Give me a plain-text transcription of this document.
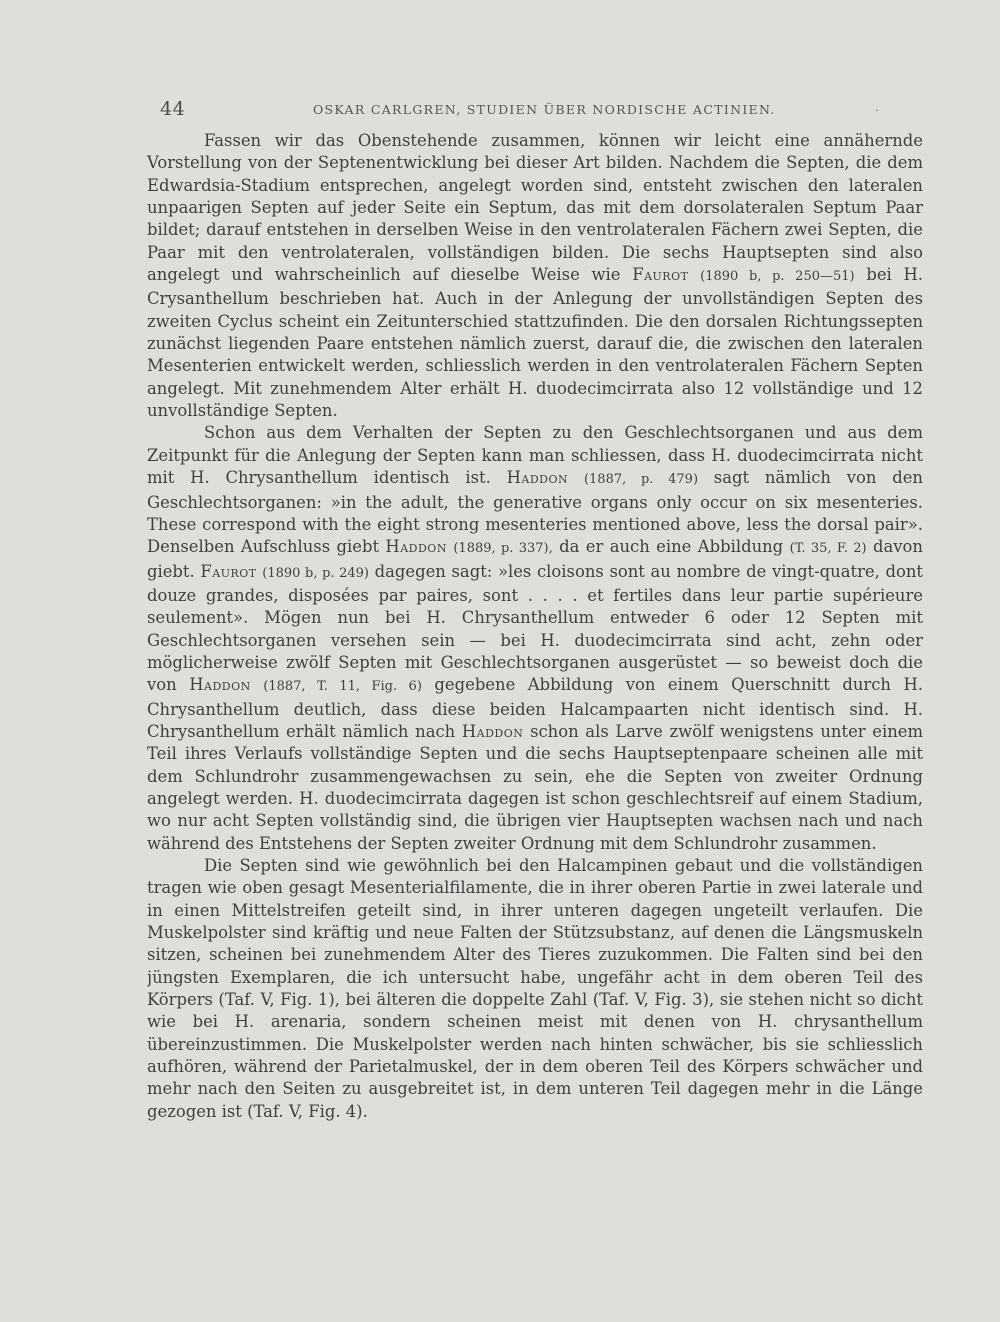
44	OSKAR CARLGREN, STUDIEN ÜBER NORDISCHE ACTINIEN.	.

Fassen wir das Obenstehende zusammen, können wir leicht eine annähernde Vorstellung von der Septenentwicklung bei dieser Art bilden. Nachdem die Septen, die dem Edwardsia-Stadium entsprechen, angelegt worden sind, entsteht zwischen den lateralen unpaarigen Septen auf jeder Seite ein Septum, das mit dem dorsolateralen Septum Paar bildet; darauf entstehen in derselben Weise in den ventrolateralen Fächern zwei Septen, die Paar mit den ventrolateralen, vollständigen bilden. Die sechs Hauptsepten sind also angelegt und wahrscheinlich auf dieselbe Weise wie Faurot (1890 b, p. 250—51) bei H. Crysanthellum beschrieben hat. Auch in der Anlegung der unvollständigen Septen des zweiten Cyclus scheint ein Zeitunterschied stattzufinden. Die den dorsalen Richtungssepten zunächst liegenden Paare entstehen nämlich zuerst, darauf die, die zwischen den lateralen Mesenterien entwickelt werden, schliesslich werden in den ventrolateralen Fächern Septen angelegt. Mit zunehmendem Alter erhält H. duodecimcirrata also 12 vollständige und 12 unvollständige Septen.

Schon aus dem Verhalten der Septen zu den Geschlechtsorganen und aus dem Zeitpunkt für die Anlegung der Septen kann man schliessen, dass H. duodecimcirrata nicht mit H. Chrysanthellum identisch ist. Haddon (1887, p. 479) sagt nämlich von den Geschlechtsorganen: »in the adult, the generative organs only occur on six mesenteries. These correspond with the eight strong mesenteries mentioned above, less the dorsal pair». Denselben Aufschluss giebt Haddon (1889, p. 337), da er auch eine Abbildung (T. 35, F. 2) davon giebt. Faurot (1890 b, p. 249) dagegen sagt: »les cloisons sont au nombre de vingt-quatre, dont douze grandes, disposées par paires, sont . . . . et fertiles dans leur partie supérieure seulement». Mögen nun bei H. Chrysanthellum entweder 6 oder 12 Septen mit Geschlechtsorganen versehen sein — bei H. duodecimcirrata sind acht, zehn oder möglicherweise zwölf Septen mit Geschlechtsorganen ausgerüstet — so beweist doch die von Haddon (1887, T. 11, Fig. 6) gegebene Abbildung von einem Querschnitt durch H. Chrysanthellum deutlich, dass diese beiden Halcampaarten nicht identisch sind. H. Chrysanthellum erhält nämlich nach Haddon schon als Larve zwölf wenigstens unter einem Teil ihres Verlaufs vollständige Septen und die sechs Hauptseptenpaare scheinen alle mit dem Schlundrohr zusammengewachsen zu sein, ehe die Septen von zweiter Ordnung angelegt werden. H. duodecimcirrata dagegen ist schon geschlechtsreif auf einem Stadium, wo nur acht Septen vollständig sind, die übrigen vier Hauptsepten wachsen nach und nach während des Entstehens der Septen zweiter Ordnung mit dem Schlundrohr zusammen.

Die Septen sind wie gewöhnlich bei den Halcampinen gebaut und die vollständigen tragen wie oben gesagt Mesenterialfilamente, die in ihrer oberen Partie in zwei laterale und in einen Mittelstreifen geteilt sind, in ihrer unteren dagegen ungeteilt verlaufen. Die Muskelpolster sind kräftig und neue Falten der Stützsubstanz, auf denen die Längsmuskeln sitzen, scheinen bei zunehmendem Alter des Tieres zuzukommen. Die Falten sind bei den jüngsten Exemplaren, die ich untersucht habe, ungefähr acht in dem oberen Teil des Körpers (Taf. V, Fig. 1), bei älteren die doppelte Zahl (Taf. V, Fig. 3), sie stehen nicht so dicht wie bei H. arenaria, sondern scheinen meist mit denen von H. chrysanthellum übereinzustimmen. Die Muskelpolster werden nach hinten schwächer, bis sie schliesslich aufhören, während der Parietalmuskel, der in dem oberen Teil des Körpers schwächer und mehr nach den Seiten zu ausgebreitet ist, in dem unteren Teil dagegen mehr in die Länge gezogen ist (Taf. V, Fig. 4).
